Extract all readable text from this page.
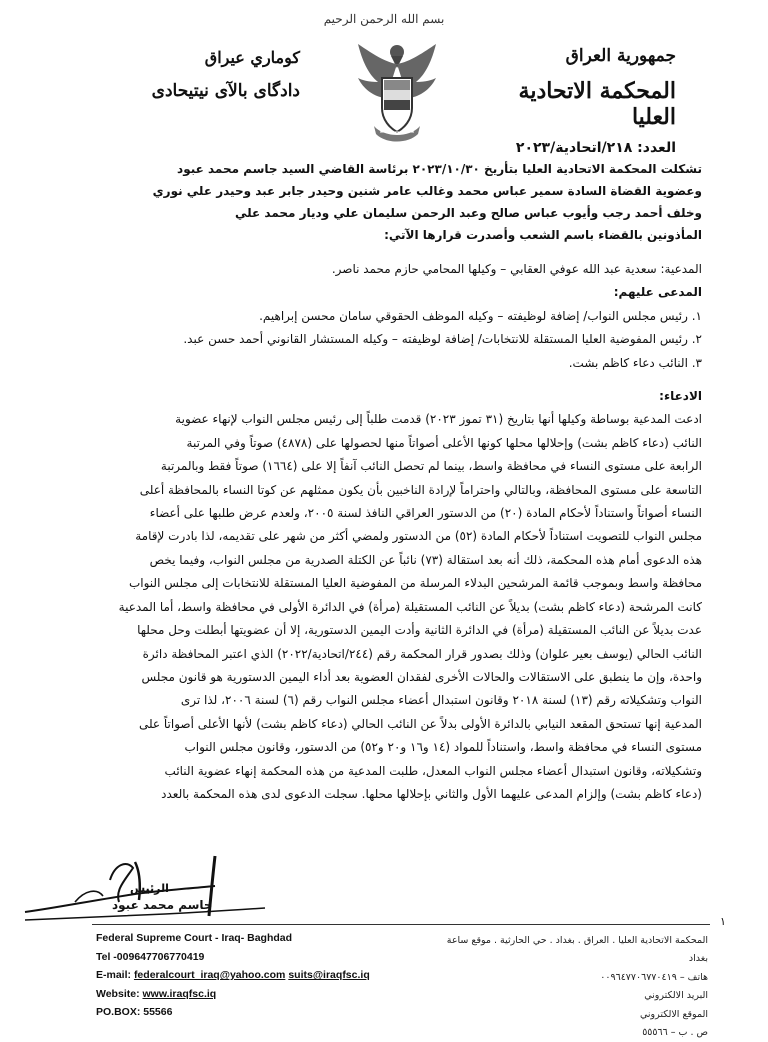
بسم الله الرحمن الرحيم
جمهورية العراق
المحكمة الاتحادية العليا
العدد: ٢١٨/اتحادية/٢٠٢٣
كوماري عيراق
دادگاى بالآى نيتيحادى
تشكلت المحكمة الاتحادية العليا بتأريخ ٢٠٢٣/١٠/٣٠ برئاسة القاضي السيد جاسم محمد عبود
وعضوية القضاة السادة سمير عباس محمد وغالب عامر شنين وحيدر جابر عبد وحيدر علي نوري
وخلف أحمد رجب وأيوب عباس صالح وعبد الرحمن سليمان علي وديار محمد علي
المأذونين بالقضاء باسم الشعب وأصدرت قرارها الآتي:
المدعية: سعدية عبد الله عوفي العقابي – وكيلها المحامي حازم محمد ناصر.
المدعى عليهم:
١. رئيس مجلس النواب/ إضافة لوظيفته – وكيله الموظف الحقوقي سامان محسن إبراهيم.
٢. رئيس المفوضية العليا المستقلة للانتخابات/ إضافة لوظيفته – وكيله المستشار القانوني أحمد حسن عبد.
٣. النائب دعاء كاظم بشت.
الادعاء:
ادعت المدعية بوساطة وكيلها أنها بتاريخ (٣١ تموز ٢٠٢٣) قدمت طلباً إلى رئيس مجلس النواب لإنهاء عضوية
النائب (دعاء كاظم بشت) وإحلالها محلها كونها الأعلى أصواتاً منها لحصولها على (٤٨٧٨) صوتاً وفي المرتبة
الرابعة على مستوى النساء في محافظة واسط، بينما لم تحصل النائب آنفاً إلا على (١٦٦٤) صوتاً فقط وبالمرتبة
التاسعة على مستوى المحافظة، وبالتالي واحتراماً لإرادة الناخبين بأن يكون ممثلهم عن كوتا النساء بالمحافظة أعلى
النساء أصواتاً واستناداً لأحكام المادة (٢٠) من الدستور العراقي النافذ لسنة ٢٠٠٥، ولعدم عرض طلبها على أعضاء
مجلس النواب للتصويت استناداً لأحكام المادة (٥٢) من الدستور ولمضي أكثر من شهر على تقديمه، لذا بادرت لإقامة
هذه الدعوى أمام هذه المحكمة، ذلك أنه بعد استقالة (٧٣) نائباً عن الكتلة الصدرية من مجلس النواب، وفيما يخص
محافظة واسط وبموجب قائمة المرشحين البدلاء المرسلة من المفوضية العليا المستقلة للانتخابات إلى مجلس النواب
كانت المرشحة (دعاء كاظم بشت) بديلاً عن النائب المستقيلة (مرأة) في الدائرة الأولى في محافظة واسط، أما المدعية
عدت بديلاً عن النائب المستقيلة (مرأة) في الدائرة الثانية وأدت اليمين الدستورية، إلا أن عضويتها أبطلت وحل محلها
النائب الحالي (يوسف بعير علوان) وذلك بصدور قرار المحكمة رقم (٢٤٤/اتحادية/٢٠٢٢) الذي اعتبر المحافظة دائرة
واحدة، وإن ما ينطبق على الاستقالات والحالات الأخرى لفقدان العضوية بعد أداء اليمين الدستورية هو قانون مجلس
النواب وتشكيلاته رقم (١٣) لسنة ٢٠١٨ وقانون استبدال أعضاء مجلس النواب رقم (٦) لسنة ٢٠٠٦، لذا ترى
المدعية إنها تستحق المقعد النيابي بالدائرة الأولى بدلاً عن النائب الحالي (دعاء كاظم بشت) لأنها الأعلى أصواتاً على
مستوى النساء في محافظة واسط، واستناداً للمواد (١٤ و١٦ و٢٠ و٥٢) من الدستور، وقانون مجلس النواب
وتشكيلاته، وقانون استبدال أعضاء مجلس النواب المعدل، طلبت المدعية من هذه المحكمة إنهاء عضوية النائب
(دعاء كاظم بشت) وإلزام المدعى عليهما الأول والثاني بإحلالها محلها. سجلت الدعوى لدى هذه المحكمة بالعدد
الرئيس
جاسم محمد عبود
١
Federal Supreme Court - Iraq- Baghdad
Tel -009647706770419
E-mail: federalcourt_iraq@yahoo.com suits@iraqfsc.iq
Website: www.iraqfsc.iq
PO.BOX: 55566
المحكمة الاتحادية العليا . العراق . بغداد . حي الحارثية . موقع ساعة بغداد
هاتف – ٠٠٩٦٤٧٧٠٦٧٧٠٤١٩
البريد الالكتروني
الموقع الالكتروني
ص . ب – ٥٥٥٦٦
